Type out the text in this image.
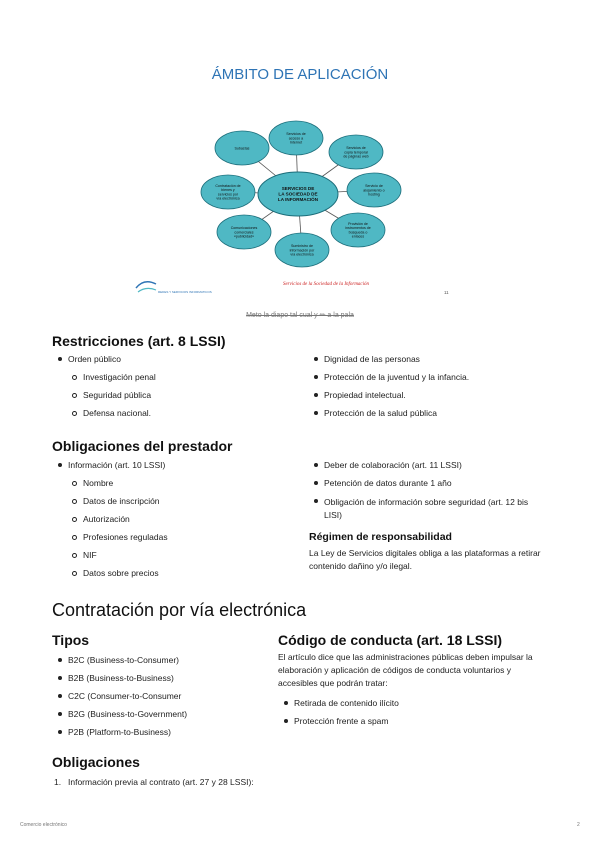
ÁMBITO DE APLICACIÓN
Servicios de acceso a Internet
Servicios de copia temporal de páginas web
Servicio de alojamiento o hosting
Provisión de instrumentos de búsqueda o enlaces
Suministro de información por vía electrónica
Comunicaciones comerciales «publicidad»
Contratación de bienes y servicios por vía electrónica
Subastas
SERVICIOS DE LA SOCIEDAD DE LA INFORMACIÓN
Servicios de la Sociedad de la Información
REDES Y SERVICIOS INFORMATICOS	11
Meto la diapo tal cual y ✏ a la pala
Restricciones (art. 8 LSSI)
Orden público
Investigación penal
Seguridad pública
Defensa nacional.
Dignidad de las personas
Protección de la juventud y la infancia.
Propiedad intelectual.
Protección de la salud pública
Obligaciones del prestador
Información (art. 10 LSSI)
Nombre
Datos de inscripción
Autorización
Profesiones reguladas
NIF
Datos sobre precios
Deber de colaboración (art. 11 LSSI)
Petención de datos durante 1 año
Obligación de información sobre seguridad (art. 12 bis LISI)
Régimen de responsabilidad
La Ley de Servicios digitales obliga a las plataformas a retirar contenido dañino y/o ilegal.
Contratación por vía electrónica
Tipos
B2C (Business-to-Consumer)
B2B (Business-to-Business)
C2C (Consumer-to-Consumer
B2G (Business-to-Government)
P2B (Platform-to-Business)
Código de conducta (art. 18 LSSI)
El artículo dice que las administraciones públicas deben impulsar la elaboración y aplicación de códigos de conducta voluntarios y accesibles que podrán tratar:
Retirada de contenido ilícito
Protección frente a spam
Obligaciones
1. Información previa al contrato (art. 27 y 28 LSSI):
Comercio electrónico	2
